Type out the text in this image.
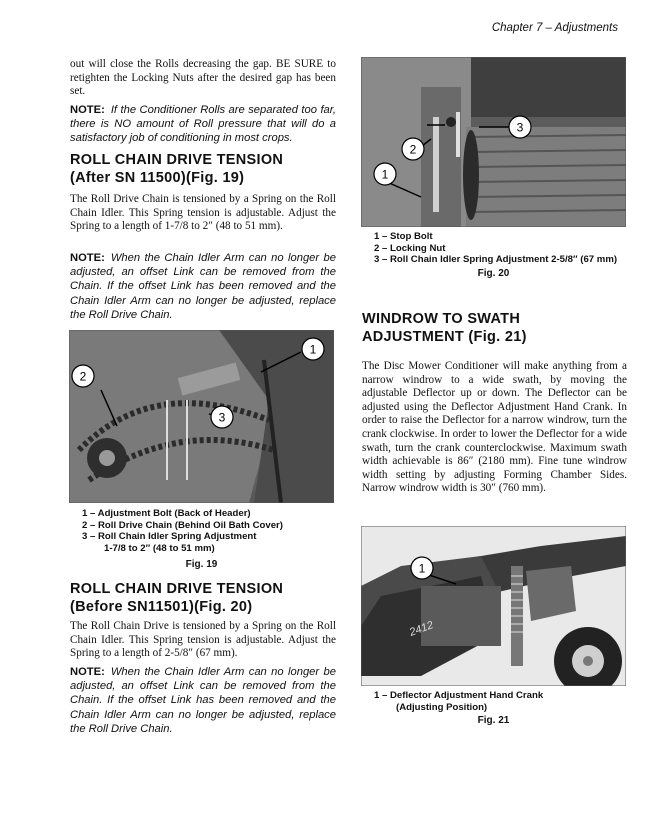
Chapter 7 – Adjustments
out will close the Rolls decreasing the gap. BE SURE to retighten the Locking Nuts after the desired gap has been set.
NOTE: If the Conditioner Rolls are separated too far, there is NO amount of Roll pressure that will do a satisfactory job of conditioning in most crops.
ROLL CHAIN DRIVE TENSION
(After SN 11500)(Fig. 19)
The Roll Drive Chain is tensioned by a Spring on the Roll Chain Idler. This Spring tension is adjustable. Adjust the Spring to a length of 1-7/8 to 2″ (48 to 51 mm).
NOTE: When the Chain Idler Arm can no longer be adjusted, an offset Link can be removed from the Chain. If the offset Link has been removed and the Chain Idler Arm can no longer be adjusted, replace the Roll Drive Chain.
1
2
3
1 – Adjustment Bolt (Back of Header)
2 – Roll Drive Chain (Behind Oil Bath Cover)
3 – Roll Chain Idler Spring Adjustment
1-7/8 to 2″ (48 to 51 mm)
Fig. 19
ROLL CHAIN DRIVE TENSION
(Before SN11501)(Fig. 20)
The Roll Chain Drive is tensioned by a Spring on the Roll Chain Idler. This Spring tension is adjustable. Adjust the Spring to a length of 2-5/8″ (67 mm).
NOTE: When the Chain Idler Arm can no longer be adjusted, an offset Link can be removed from the Chain. If the offset Link has been removed and the Chain Idler Arm can no longer be adjusted, replace the Roll Drive Chain.
1
2
3
1 – Stop Bolt
2 – Locking Nut
3 – Roll Chain Idler Spring Adjustment 2-5/8″ (67 mm)
Fig. 20
WINDROW TO SWATH
ADJUSTMENT (Fig. 21)
The Disc Mower Conditioner will make anything from a narrow windrow to a wide swath, by moving the adjustable Deflector up or down. The Deflector can be adjusted using the Deflector Adjustment Hand Crank. In order to raise the Deflector for a narrow windrow, turn the crank clockwise. In order to lower the Deflector for a wide swath, turn the crank counterclockwise. Maximum swath width achievable is 86″ (2180 mm). Fine tune windrow width setting by adjusting Forming Chamber Sides. Narrow windrow width is 30″ (760 mm).
2412
1
1 – Deflector Adjustment Hand Crank
(Adjusting Position)
Fig. 21
